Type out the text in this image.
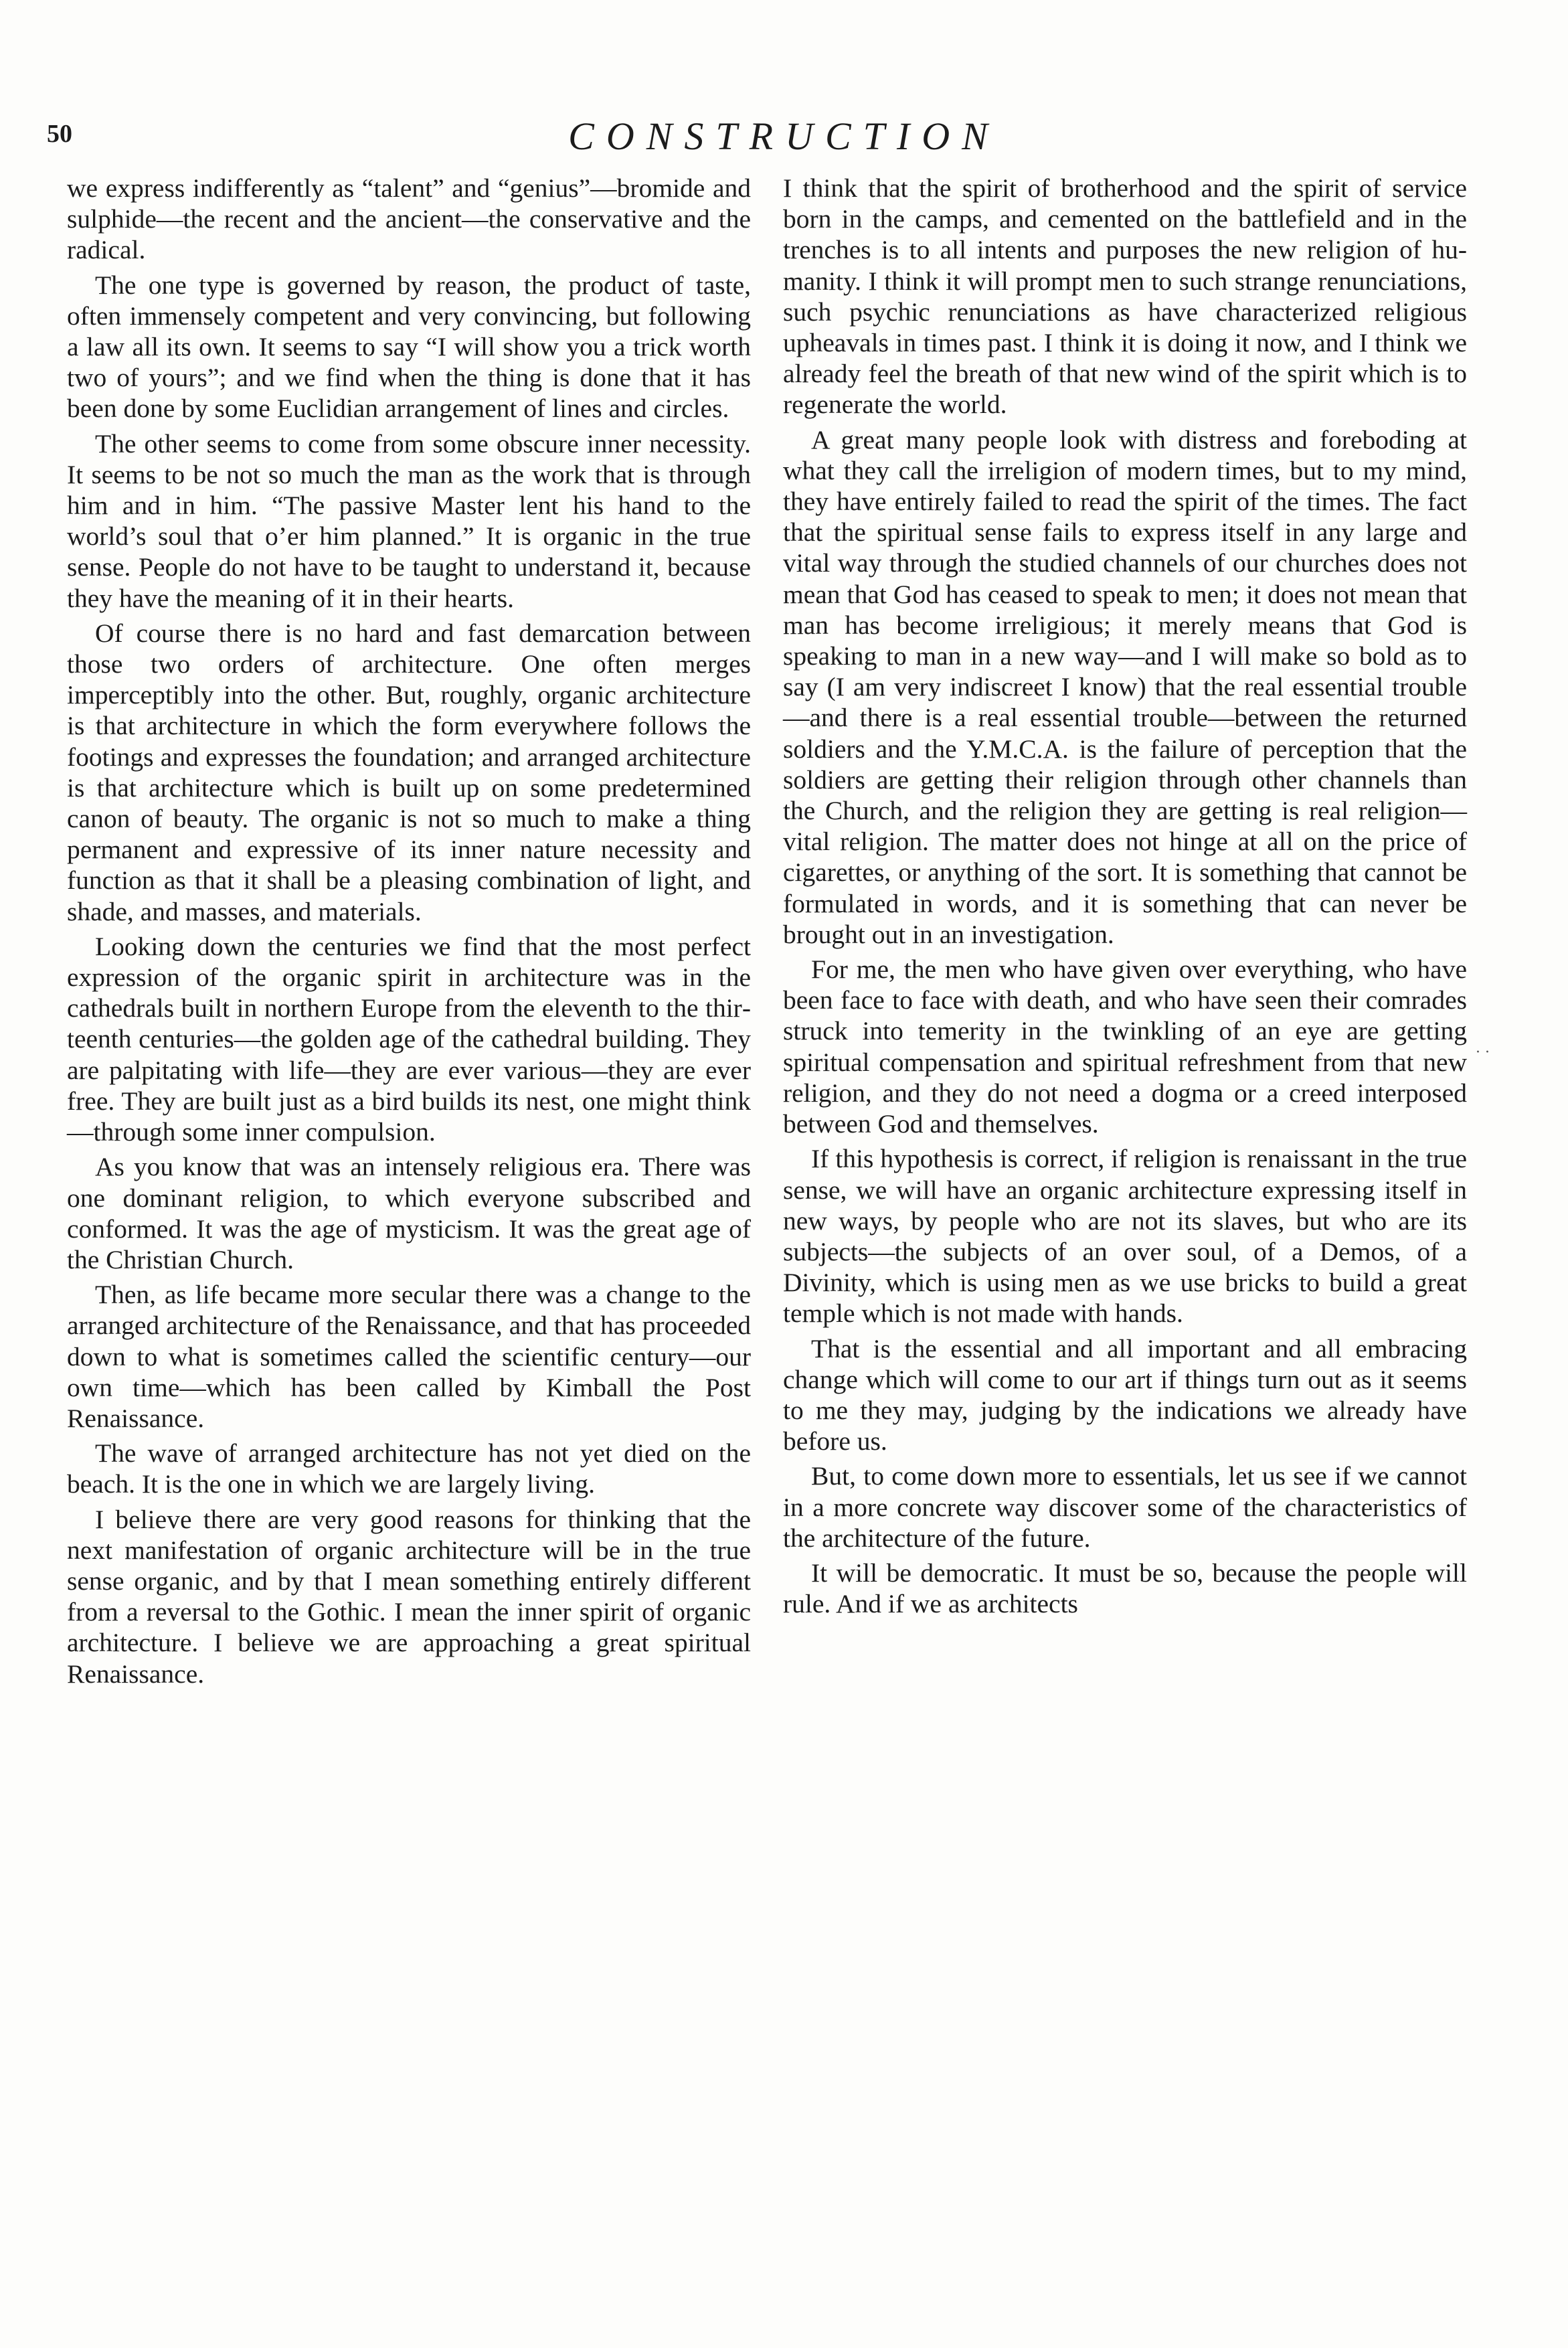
50	CONSTRUCTION

we express indifferently as “talent” and “genius”—bromide and sulphide—the recent and the ancient—the conservative and the radical.

The one type is governed by reason, the product of taste, often immensely competent and very convincing, but following a law all its own. It seems to say “I will show you a trick worth two of yours”; and we find when the thing is done that it has been done by some Euclidian arrangement of lines and circles.

The other seems to come from some obscure inner necessity. It seems to be not so much the man as the work that is through him and in him. “The passive Master lent his hand to the world’s soul that o’er him planned.” It is organic in the true sense. People do not have to be taught to understand it, because they have the meaning of it in their hearts.

Of course there is no hard and fast demarcation between those two orders of architecture. One often merges imperceptibly into the other. But, roughly, organic architecture is that architecture in which the form everywhere follows the footings and expresses the foundation; and arranged architecture is that architecture which is built up on some predetermined canon of beauty. The organic is not so much to make a thing permanent and expressive of its inner nature necessity and function as that it shall be a pleasing combination of light, and shade, and masses, and materials.

Looking down the centuries we find that the most perfect expression of the organic spirit in architecture was in the cathedrals built in northern Europe from the eleventh to the thirteenth centuries—the golden age of the cathedral building. They are palpitating with life—they are ever various—they are ever free. They are built just as a bird builds its nest, one might think—through some inner compulsion.

As you know that was an intensely religious era. There was one dominant religion, to which everyone subscribed and conformed. It was the age of mysticism. It was the great age of the Christian Church.

Then, as life became more secular there was a change to the arranged architecture of the Renaissance, and that has proceeded down to what is sometimes called the scientific century—our own time—which has been called by Kimball the Post Renaissance.

The wave of arranged architecture has not yet died on the beach. It is the one in which we are largely living.

I believe there are very good reasons for thinking that the next manifestation of organic architecture will be in the true sense organic, and by that I mean something entirely different from a reversal to the Gothic. I mean the inner spirit of organic architecture. I believe we are approaching a great spiritual Renaissance.

I think that the spirit of brotherhood and the spirit of service born in the camps, and cemented on the battlefield and in the trenches is to all intents and purposes the new religion of humanity. I think it will prompt men to such strange renunciations, such psychic renunciations as have characterized religious upheavals in times past. I think it is doing it now, and I think we already feel the breath of that new wind of the spirit which is to regenerate the world.

A great many people look with distress and foreboding at what they call the irreligion of modern times, but to my mind, they have entirely failed to read the spirit of the times. The fact that the spiritual sense fails to express itself in any large and vital way through the studied channels of our churches does not mean that God has ceased to speak to men; it does not mean that man has become irreligious; it merely means that God is speaking to man in a new way—and I will make so bold as to say (I am very indiscreet I know) that the real essential trouble—and there is a real essential trouble—between the returned soldiers and the Y.M.C.A. is the failure of perception that the soldiers are getting their religion through other channels than the Church, and the religion they are getting is real religion—vital religion. The matter does not hinge at all on the price of cigarettes, or anything of the sort. It is something that cannot be formulated in words, and it is something that can never be brought out in an investigation.

For me, the men who have given over everything, who have been face to face with death, and who have seen their comrades struck into temerity in the twinkling of an eye are getting spiritual compensation and spiritual refreshment from that new religion, and they do not need a dogma or a creed interposed between God and themselves.

If this hypothesis is correct, if religion is renaissant in the true sense, we will have an organic architecture expressing itself in new ways, by people who are not its slaves, but who are its subjects—the subjects of an over soul, of a Demos, of a Divinity, which is using men as we use bricks to build a great temple which is not made with hands.

That is the essential and all important and all embracing change which will come to our art if things turn out as it seems to me they may, judging by the indications we already have before us.

But, to come down more to essentials, let us see if we cannot in a more concrete way discover some of the characteristics of the architecture of the future.

It will be democratic. It must be so, because the people will rule. And if we as architects

· ·
